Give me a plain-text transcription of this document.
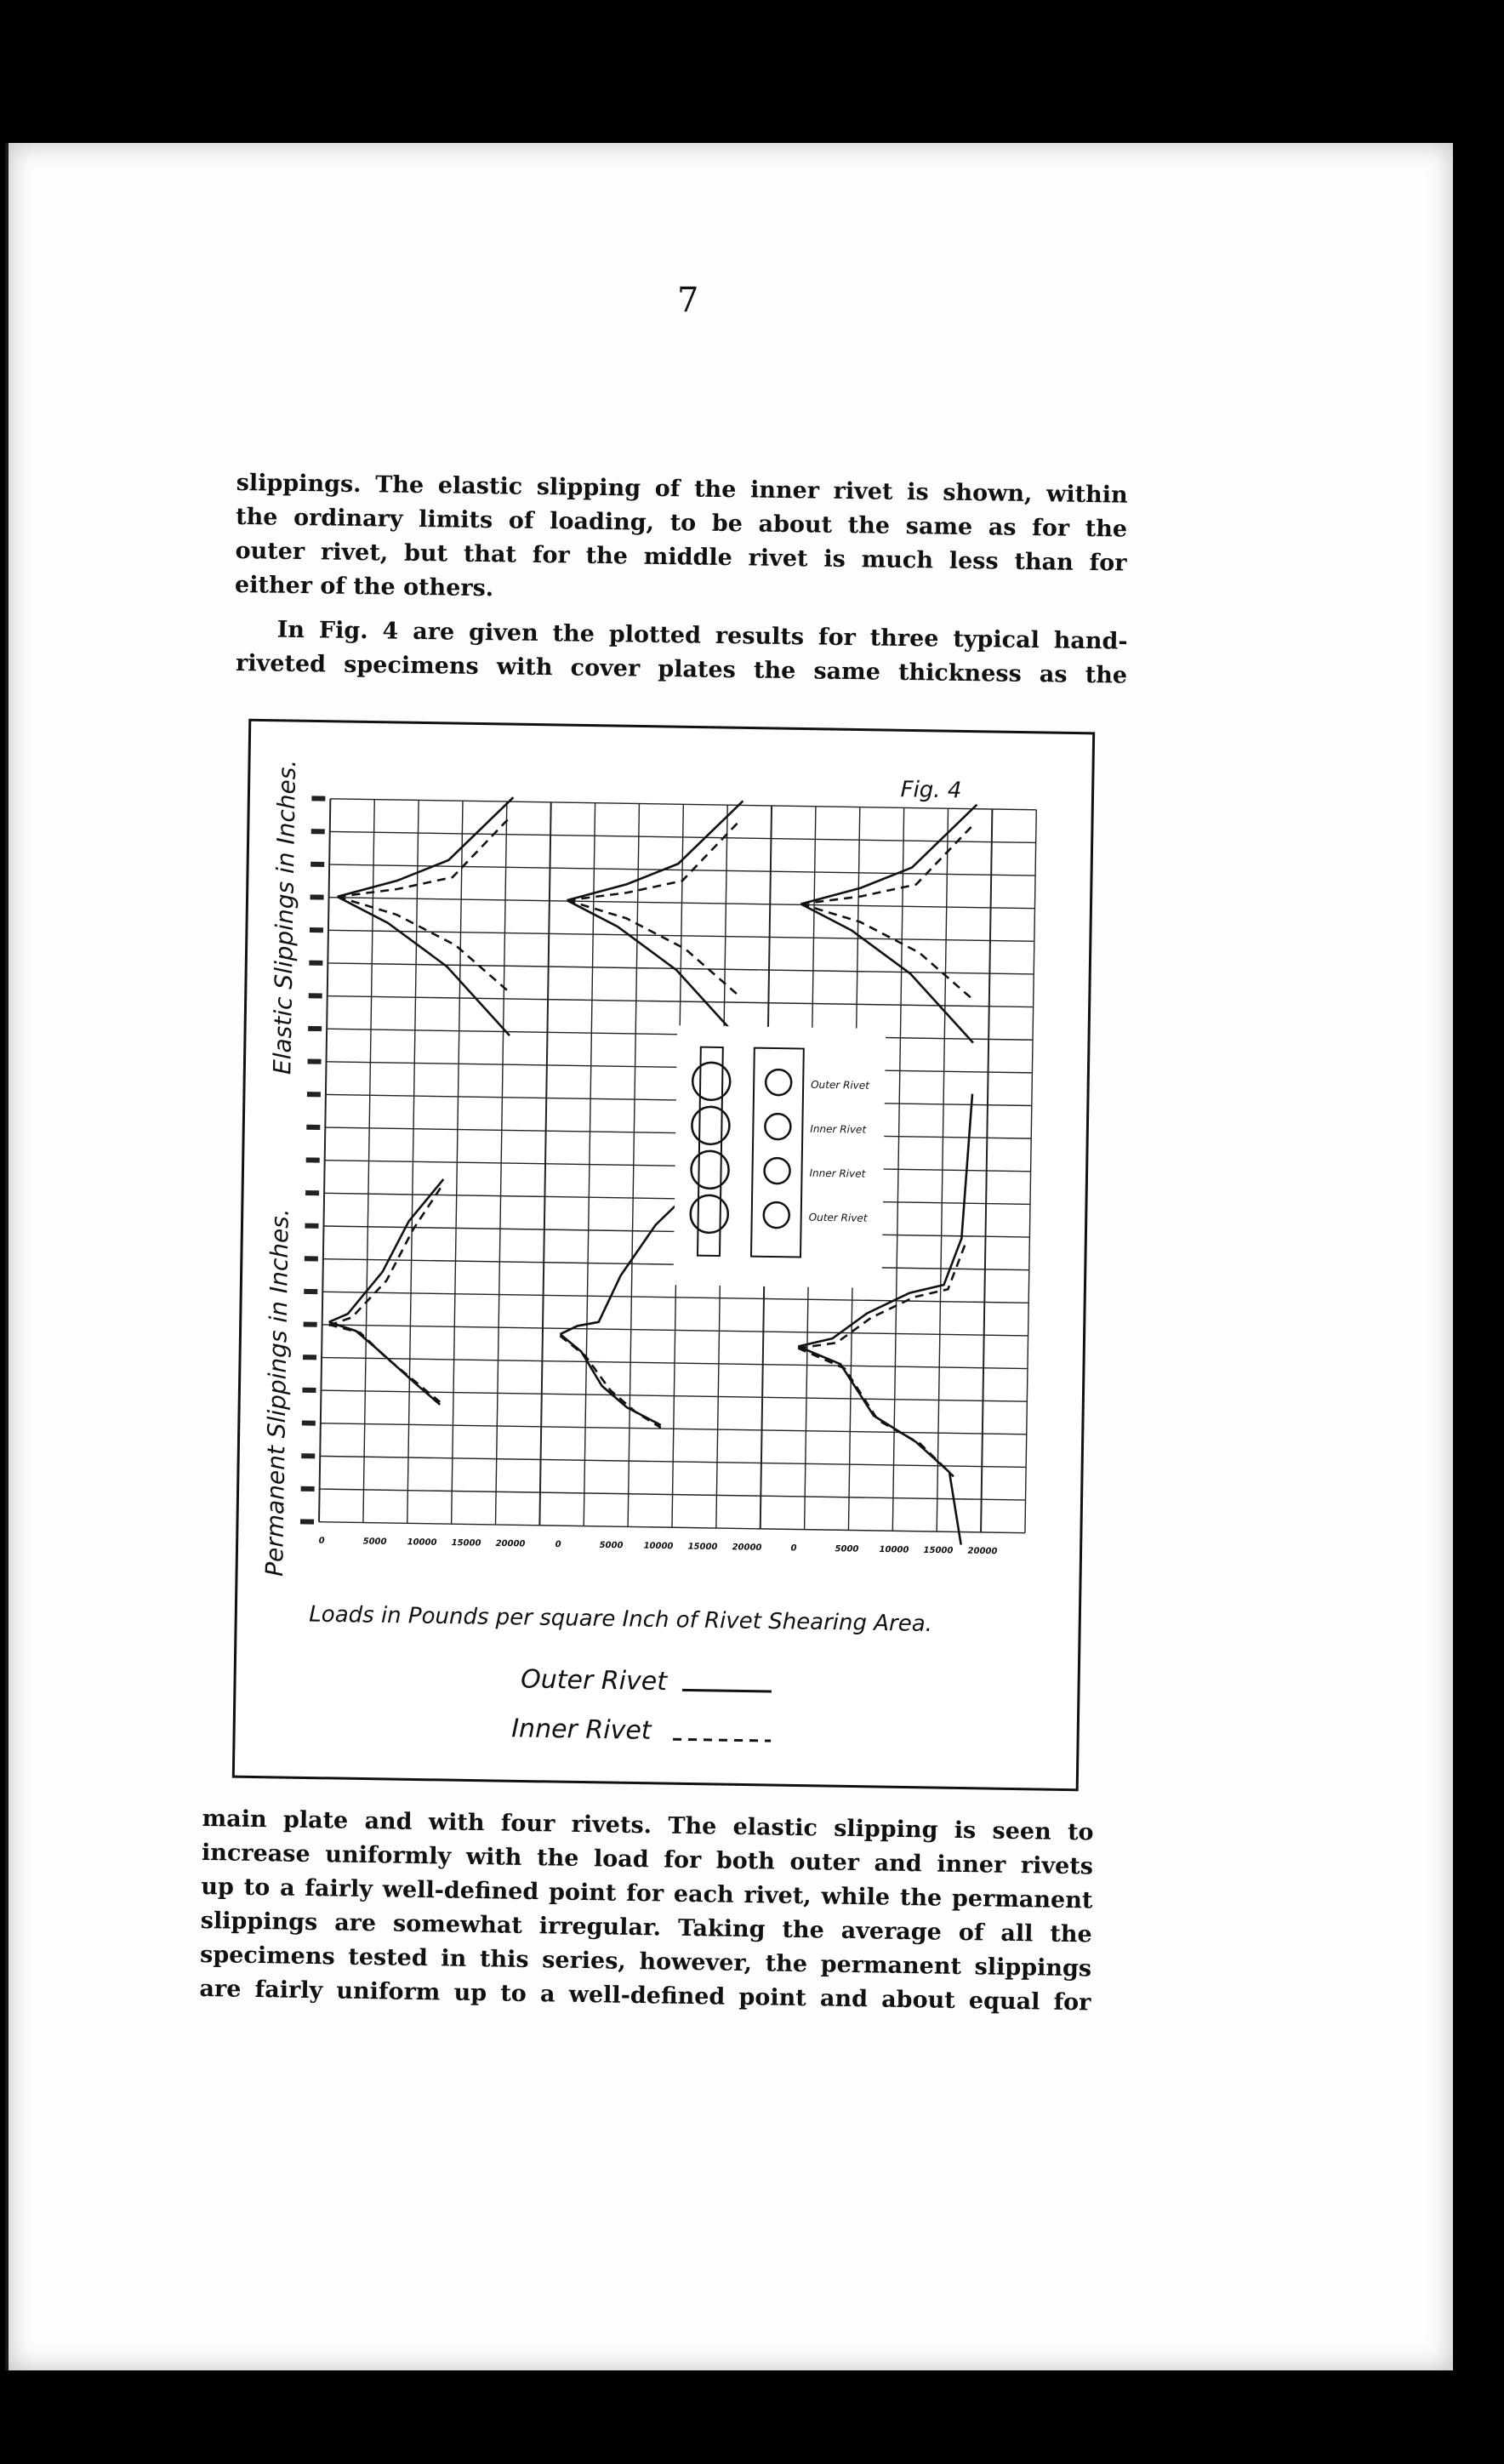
7
slippings. The elastic slipping of the inner rivet is shown, within
the ordinary limits of loading, to be about the same as for the
outer rivet, but that for the middle rivet is much less than for
either of the others.
In Fig. 4 are given the plotted results for three typical hand-
riveted specimens with cover plates the same thickness as the
Outer Rivet
Inner Rivet
Inner Rivet
Outer Rivet
Fig. 4
Elastic Slippings in Inches.
Permanent Slippings in Inches.	0	5000 10000 15000 20000	0	5000 10000 15000 20000	0	5000 10000 15000 20000
Loads in Pounds per square Inch of Rivet Shearing Area.
Outer Rivet
Inner Rivet
main plate and with four rivets. The elastic slipping is seen to
increase uniformly with the load for both outer and inner rivets
up to a fairly well-defined point for each rivet, while the permanent
slippings are somewhat irregular. Taking the average of all the
specimens tested in this series, however, the permanent slippings
are fairly uniform up to a well-defined point and about equal for
